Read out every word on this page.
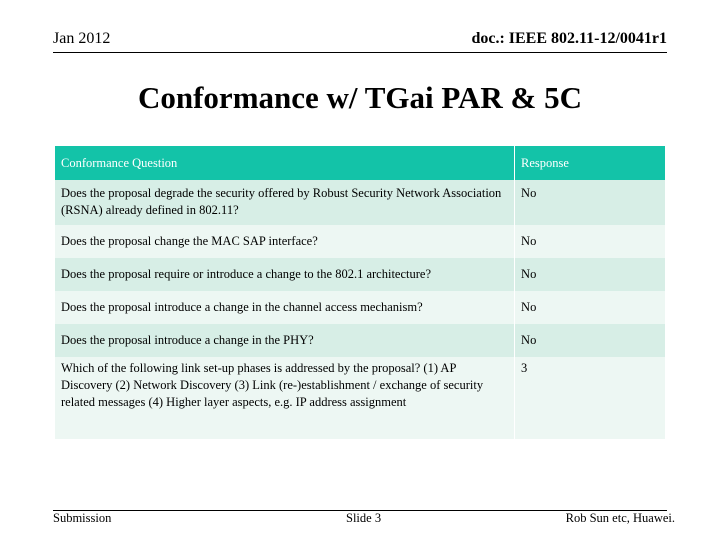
Jan 2012	doc.: IEEE 802.11-12/0041r1
Conformance w/ TGai PAR & 5C
Conformance Question	Response
Does the proposal degrade the security offered by Robust Security Network Association (RSNA) already defined in 802.11?	No
Does the proposal change the MAC SAP interface?	No
Does the proposal require or introduce a change to the 802.1 architecture?	No
Does the proposal introduce a change in the channel access mechanism?	No
Does the proposal introduce a change in the PHY?	No
Which of the following link set-up phases is addressed by the proposal? (1) AP Discovery (2) Network Discovery (3) Link (re-)establishment / exchange of security related messages (4) Higher layer aspects, e.g. IP address assignment	3
Submission	Slide 3	Rob Sun etc, Huawei.
